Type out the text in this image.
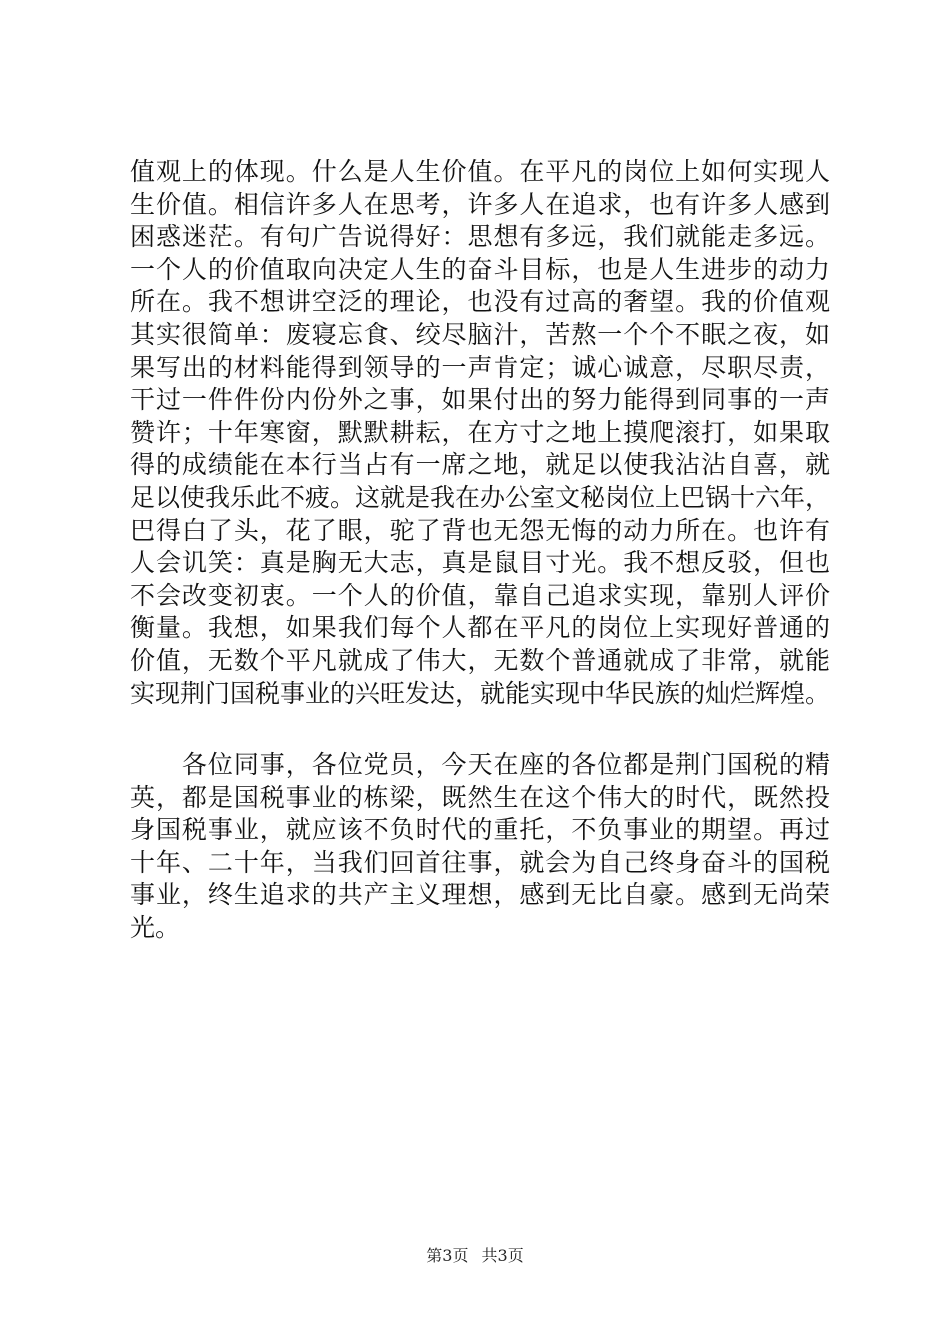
值观上的体现。什么是人生价值。在平凡的岗位上如何实现人
生价值。相信许多人在思考，许多人在追求，也有许多人感到
困惑迷茫。有句广告说得好：思想有多远，我们就能走多远。
一个人的价值取向决定人生的奋斗目标，也是人生进步的动力
所在。我不想讲空泛的理论，也没有过高的奢望。我的价值观
其实很简单：废寝忘食、绞尽脑汁，苦熬一个个不眠之夜，如
果写出的材料能得到领导的一声肯定；诚心诚意，尽职尽责，
干过一件件份内份外之事，如果付出的努力能得到同事的一声
赞许；十年寒窗，默默耕耘，在方寸之地上摸爬滚打，如果取
得的成绩能在本行当占有一席之地，就足以使我沾沾自喜，就
足以使我乐此不疲。这就是我在办公室文秘岗位上巴锅十六年，
巴得白了头，花了眼，驼了背也无怨无悔的动力所在。也许有
人会讥笑：真是胸无大志，真是鼠目寸光。我不想反驳，但也
不会改变初衷。一个人的价值，靠自己追求实现，靠别人评价
衡量。我想，如果我们每个人都在平凡的岗位上实现好普通的
价值，无数个平凡就成了伟大，无数个普通就成了非常，就能
实现荆门国税事业的兴旺发达，就能实现中华民族的灿烂辉煌。
　　各位同事，各位党员，今天在座的各位都是荆门国税的精
英，都是国税事业的栋梁，既然生在这个伟大的时代，既然投
身国税事业，就应该不负时代的重托，不负事业的期望。再过
十年、二十年，当我们回首往事，就会为自己终身奋斗的国税
事业，终生追求的共产主义理想，感到无比自豪。感到无尚荣
光。
第3页 共3页
